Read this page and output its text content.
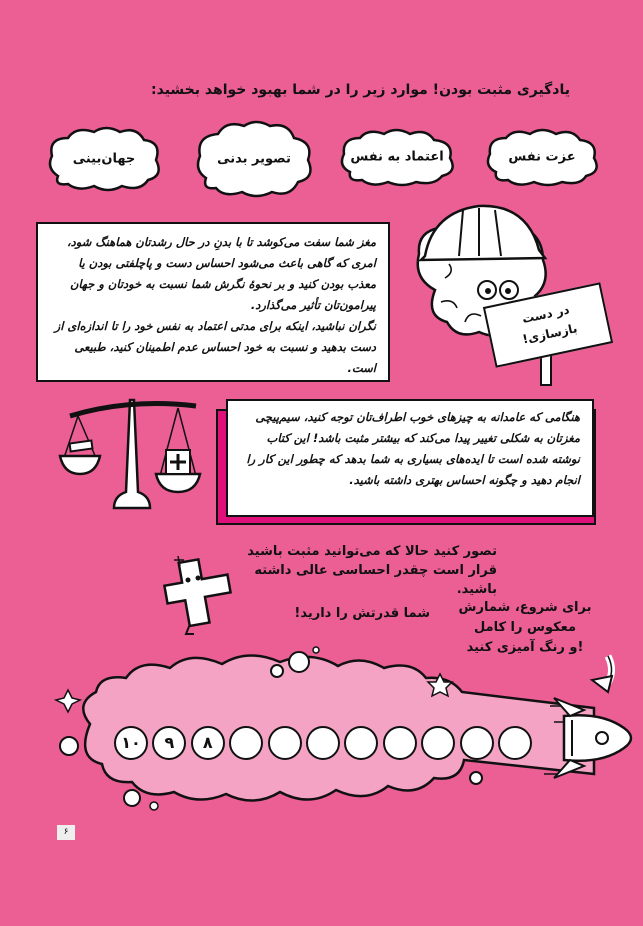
یادگیری مثبت بودن! موارد زیر را در شما بهبود خواهد بخشید:
عزت نفس
اعتماد به نفس
تصویر بدنی
جهان‌بینی
مغز شما سفت می‌کوشد تا با بدنِ در حال رشدتان هماهنگ شود، امری که گاهی باعث می‌شود احساس دست و پاچلفتی بودن یا معذب بودن کنید و بر نحوهٔ نگرش شما نسبت به خودتان و جهان پیرامون‌تان تأثیر می‌گذارد.
نگران نباشید، اینکه برای مدتی اعتماد به نفس خود را تا اندازه‌ای از دست بدهید و نسبت به خود احساس عدم اطمینان کنید، طبیعی است.
در دست
بازسازی!
هنگامی که عامدانه به چیزهای خوب اطراف‌تان توجه کنید، سیم‌پیچی مغزتان به شکلی تغییر پیدا می‌کند که بیشتر مثبت باشد! این کتاب نوشته شده است تا ایده‌های بسیاری به شما بدهد که چطور این کار را انجام دهید و چگونه احساس بهتری داشته باشید.
تصور کنید حالا که می‌توانید مثبت باشید
قرار است چقدر احساسی عالی داشته باشید.
شما قدرتش را دارید! برای شروع، شمارش
معکوس را کامل
و رنگ آمیزی کنید!
۱۰	۹	۸
۶
